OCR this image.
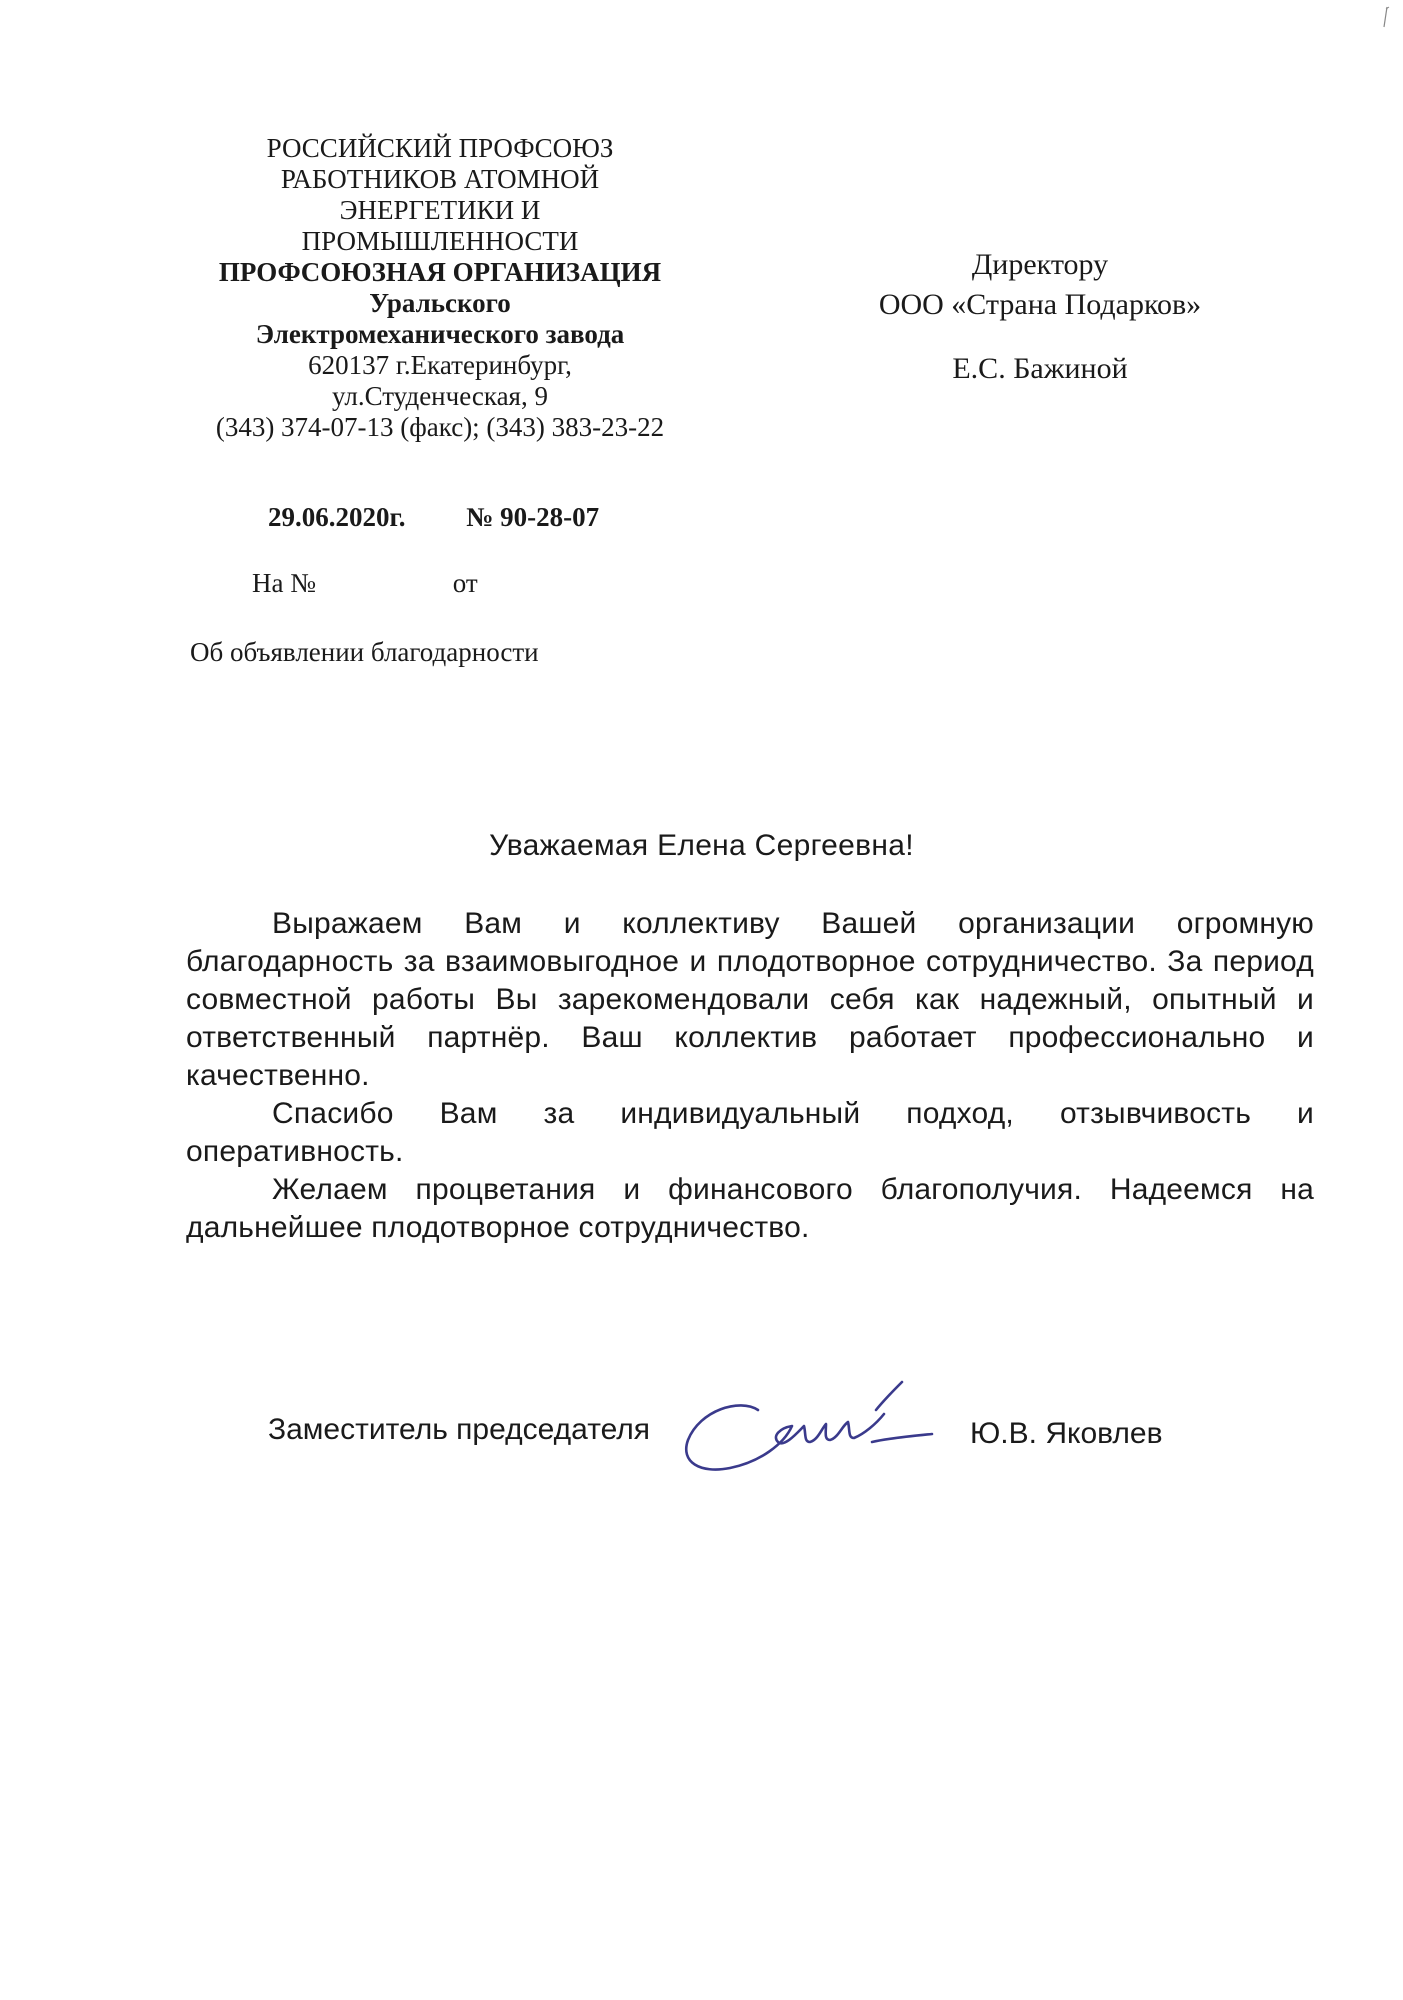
РОССИЙСКИЙ ПРОФСОЮЗ
РАБОТНИКОВ АТОМНОЙ
ЭНЕРГЕТИКИ И
ПРОМЫШЛЕННОСТИ
ПРОФСОЮЗНАЯ ОРГАНИЗАЦИЯ
Уральского
Электромеханического завода
620137 г.Екатеринбург,
ул.Студенческая, 9
(343) 374-07-13 (факс); (343) 383-23-22
29.06.2020г. № 90-28-07
На №	от
Об объявлении благодарности
Директору
ООО «Страна Подарков»
Е.С. Бажиной
Уважаемая Елена Сергеевна!

Выражаем Вам и коллективу Вашей организации огромную благодарность за взаимовыгодное и плодотворное сотрудничество. За период совместной работы Вы зарекомендовали себя как надежный, опытный и ответственный партнёр. Ваш коллектив работает профессионально и качественно.

Спасибо Вам за индивидуальный подход, отзывчивость и оперативность.

Желаем процветания и финансового благополучия. Надеемся на дальнейшее плодотворное сотрудничество.

Заместитель председателя	Ю.В. Яковлев
